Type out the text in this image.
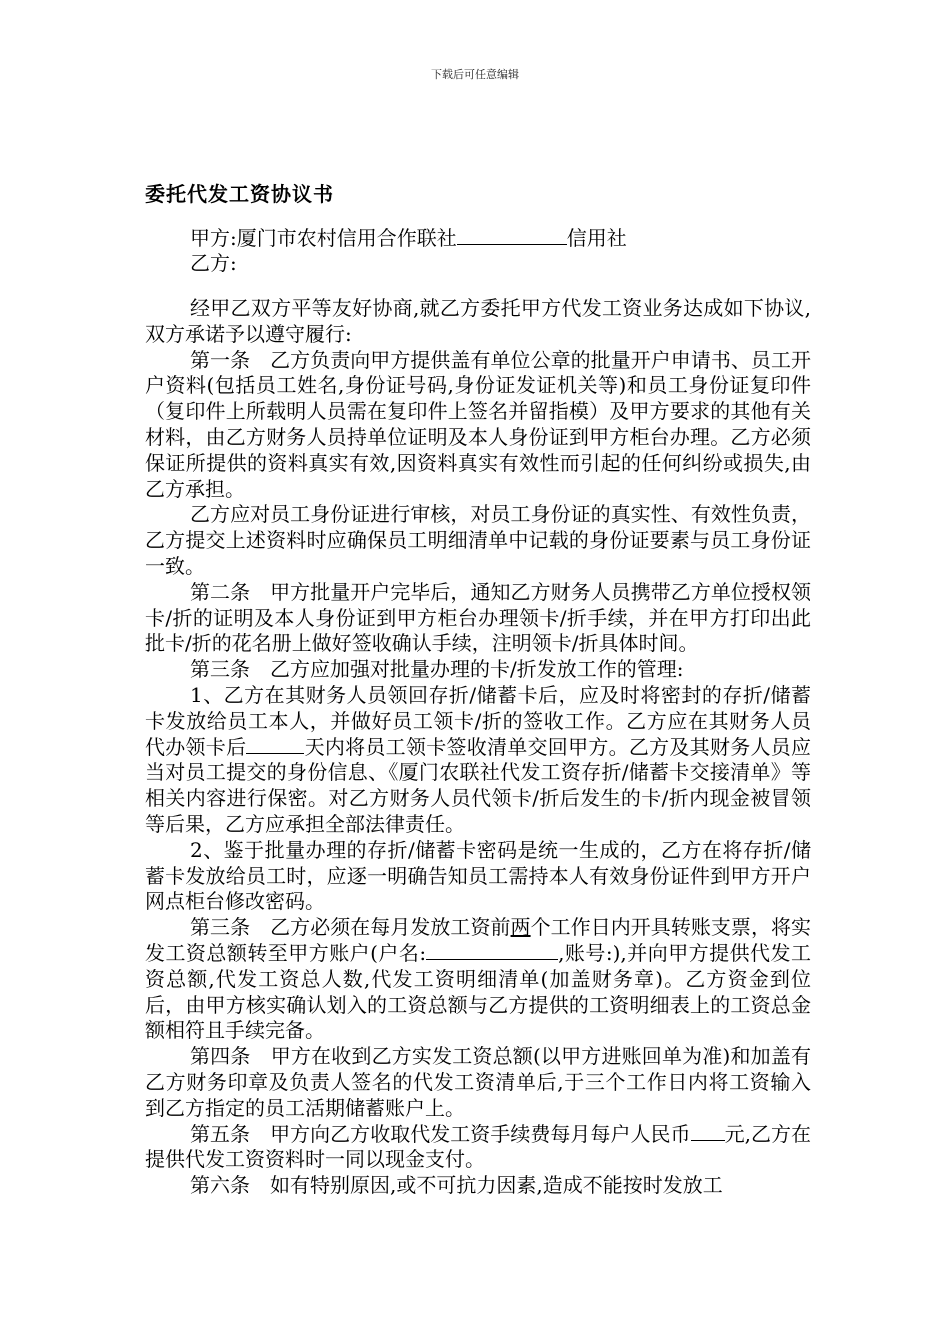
下载后可任意编辑
委托代发工资协议书
甲方:厦门市农村信用合作联社	信用社
乙方:

经甲乙双方平等友好协商,就乙方委托甲方代发工资业务达成如下协议,双方承诺予以遵守履行:

第一条　乙方负责向甲方提供盖有单位公章的批量开户申请书、员工开户资料(包括员工姓名,身份证号码,身份证发证机关等)和员工身份证复印件（复印件上所载明人员需在复印件上签名并留指模）及甲方要求的其他有关材料，由乙方财务人员持单位证明及本人身份证到甲方柜台办理。乙方必须保证所提供的资料真实有效,因资料真实有效性而引起的任何纠纷或损失,由乙方承担。

乙方应对员工身份证进行审核，对员工身份证的真实性、有效性负责，乙方提交上述资料时应确保员工明细清单中记载的身份证要素与员工身份证一致。

第二条　甲方批量开户完毕后，通知乙方财务人员携带乙方单位授权领卡/折的证明及本人身份证到甲方柜台办理领卡/折手续，并在甲方打印出此批卡/折的花名册上做好签收确认手续，注明领卡/折具体时间。

第三条　乙方应加强对批量办理的卡/折发放工作的管理:

1、乙方在其财务人员领回存折/储蓄卡后，应及时将密封的存折/储蓄卡发放给员工本人，并做好员工领卡/折的签收工作。乙方应在其财务人员代办领卡后	天内将员工领卡签收清单交回甲方。乙方及其财务人员应当对员工提交的身份信息、《厦门农联社代发工资存折/储蓄卡交接清单》等相关内容进行保密。对乙方财务人员代领卡/折后发生的卡/折内现金被冒领等后果，乙方应承担全部法律责任。

2、鉴于批量办理的存折/储蓄卡密码是统一生成的，乙方在将存折/储蓄卡发放给员工时，应逐一明确告知员工需持本人有效身份证件到甲方开户网点柜台修改密码。

第三条　乙方必须在每月发放工资前两个工作日内开具转账支票，将实发工资总额转至甲方账户(户名:	,账号:),并向甲方提供代发工资总额,代发工资总人数,代发工资明细清单(加盖财务章)。乙方资金到位后，由甲方核实确认划入的工资总额与乙方提供的工资明细表上的工资总金额相符且手续完备。

第四条　甲方在收到乙方实发工资总额(以甲方进账回单为准)和加盖有乙方财务印章及负责人签名的代发工资清单后,于三个工作日内将工资输入到乙方指定的员工活期储蓄账户上。

第五条　甲方向乙方收取代发工资手续费每月每户人民币 元,乙方在提供代发工资资料时一同以现金支付。

第六条　如有特别原因,或不可抗力因素,造成不能按时发放工
